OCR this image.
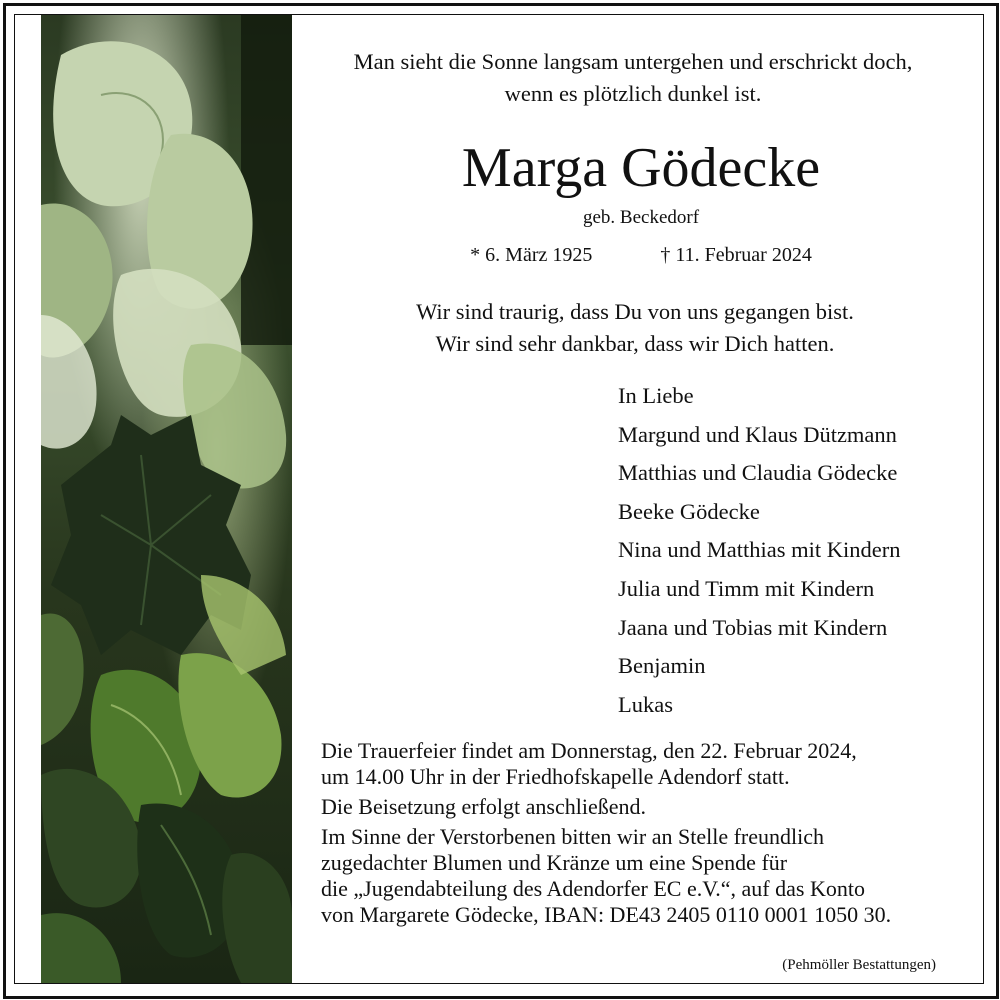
Man sieht die Sonne langsam untergehen und erschrickt doch,
wenn es plötzlich dunkel ist.
Marga Gödecke
geb. Beckedorf
* 6. März 1925	† 11. Februar 2024
Wir sind traurig, dass Du von uns gegangen bist.
Wir sind sehr dankbar, dass wir Dich hatten.
In Liebe
Margund und Klaus Dützmann
Matthias und Claudia Gödecke
Beeke Gödecke
Nina und Matthias mit Kindern
Julia und Timm mit Kindern
Jaana und Tobias mit Kindern
Benjamin
Lukas
Die Trauerfeier findet am Donnerstag, den 22. Februar 2024,
um 14.00 Uhr in der Friedhofskapelle Adendorf statt.
Die Beisetzung erfolgt anschließend.
Im Sinne der Verstorbenen bitten wir an Stelle freundlich
zugedachter Blumen und Kränze um eine Spende für
die „Jugendabteilung des Adendorfer EC e.V.“, auf das Konto
von Margarete Gödecke, IBAN: DE43 2405 0110 0001 1050 30.
(Pehmöller Bestattungen)
